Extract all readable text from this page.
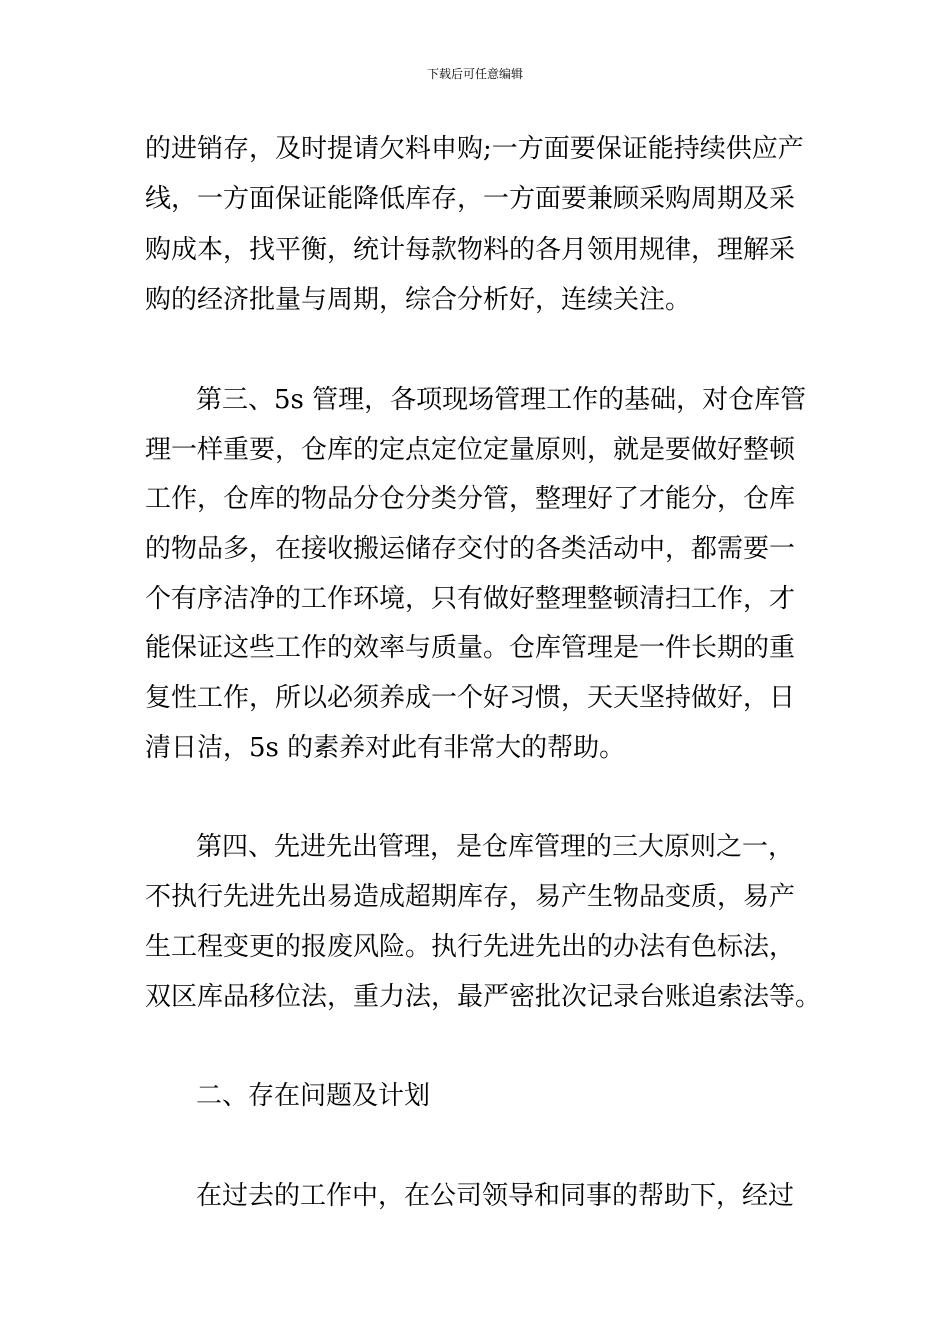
下载后可任意编辑
的进销存，及时提请欠料申购;一方面要保证能持续供应产
线，一方面保证能降低库存，一方面要兼顾采购周期及采
购成本，找平衡，统计每款物料的各月领用规律，理解采
购的经济批量与周期，综合分析好，连续关注。
第三、5s 管理，各项现场管理工作的基础，对仓库管
理一样重要，仓库的定点定位定量原则，就是要做好整顿
工作，仓库的物品分仓分类分管，整理好了才能分，仓库
的物品多，在接收搬运储存交付的各类活动中，都需要一
个有序洁净的工作环境，只有做好整理整顿清扫工作，才
能保证这些工作的效率与质量。仓库管理是一件长期的重
复性工作，所以必须养成一个好习惯，天天坚持做好，日
清日洁，5s 的素养对此有非常大的帮助。
第四、先进先出管理，是仓库管理的三大原则之一，
不执行先进先出易造成超期库存，易产生物品变质，易产
生工程变更的报废风险。执行先进先出的办法有色标法，
双区库品移位法，重力法，最严密批次记录台账追索法等。
二、存在问题及计划
在过去的工作中，在公司领导和同事的帮助下，经过
